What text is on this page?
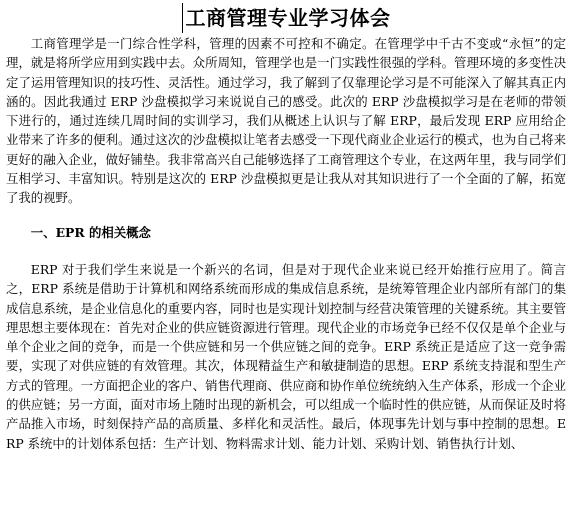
工商管理专业学习体会

工商管理学是一门综合性学科，管理的因素不可控和不确定。在管理学中千古不变或“永恒”的定理，就是将所学应用到实践中去。众所周知，管理学也是一门实践性很强的学科。管理环境的多变性决定了运用管理知识的技巧性、灵活性。通过学习，我了解到了仅靠理论学习是不可能深入了解其真正内涵的。因此我通过 ERP 沙盘模拟学习来说说自己的感受。此次的 ERP 沙盘模拟学习是在老师的带领下进行的，通过连续几周时间的实训学习，我们从概述上认识与了解 ERP，最后发现 ERP 应用给企业带来了许多的便利。通过这次的沙盘模拟让笔者去感受一下现代商业企业运行的模式，也为自己将来更好的融入企业，做好铺垫。我非常高兴自己能够选择了工商管理这个专业，在这两年里，我与同学们互相学习、丰富知识。特别是这次的 ERP 沙盘模拟更是让我从对其知识进行了一个全面的了解，拓宽了我的视野。

一、EPR 的相关概念

ERP 对于我们学生来说是一个新兴的名词，但是对于现代企业来说已经开始推行应用了。简言之，ERP 系统是借助于计算机和网络系统而形成的集成信息系统，是统筹管理企业内部所有部门的集成信息系统，是企业信息化的重要内容，同时也是实现计划控制与经营决策管理的关键系统。其主要管理思想主要体现在：首先对企业的供应链资源进行管理。现代企业的市场竞争已经不仅仅是单个企业与单个企业之间的竞争，而是一个供应链和另一个供应链之间的竞争。ERP 系统正是适应了这一竞争需要，实现了对供应链的有效管理。其次，体现精益生产和敏捷制造的思想。ERP 系统支持混和型生产方式的管理。一方面把企业的客户、销售代理商、供应商和协作单位统统纳入生产体系，形成一个企业的供应链；另一方面，面对市场上随时出现的新机会，可以组成一个临时性的供应链，从而保证及时将产品推入市场，时刻保持产品的高质量、多样化和灵活性。最后，体现事先计划与事中控制的思想。ERP 系统中的计划体系包括：生产计划、物料需求计划、能力计划、采购计划、销售执行计划、
